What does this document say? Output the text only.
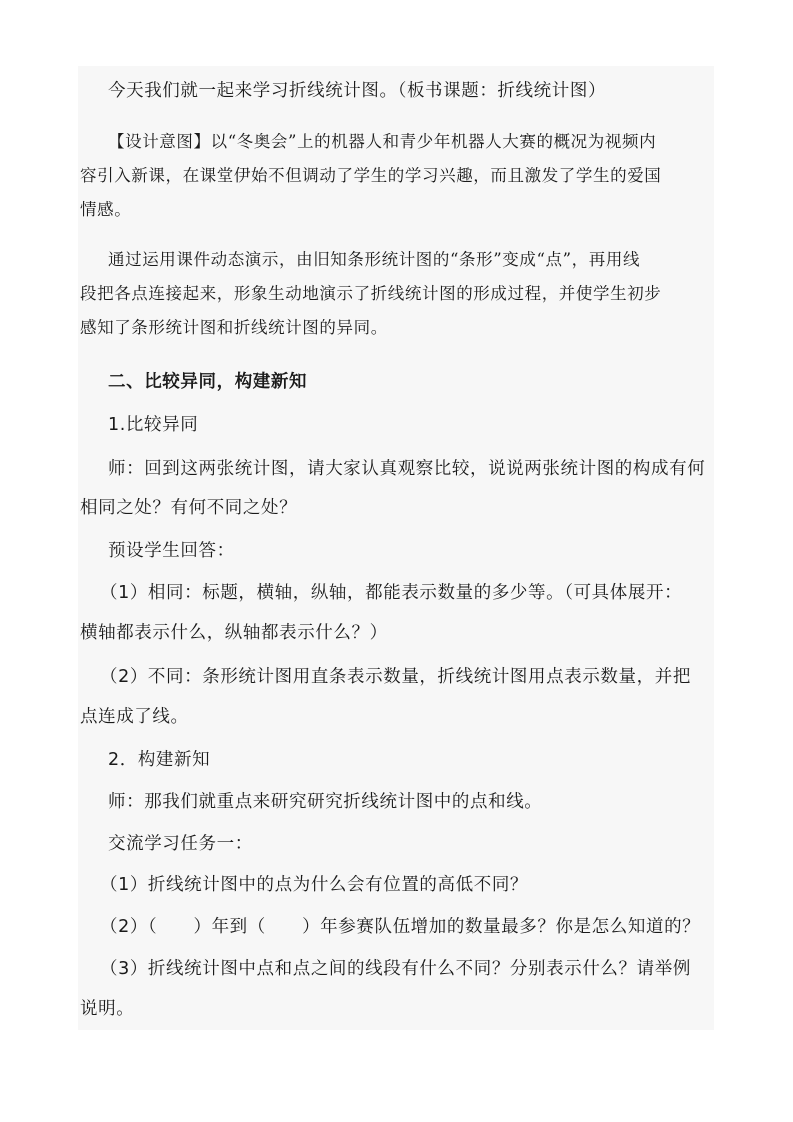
今天我们就一起来学习折线统计图。（板书课题：折线统计图）
【设计意图】以“冬奥会”上的机器人和青少年机器人大赛的概况为视频内
容引入新课，在课堂伊始不但调动了学生的学习兴趣，而且激发了学生的爱国
情感。
通过运用课件动态演示，由旧知条形统计图的“条形”变成“点”，再用线
段把各点连接起来，形象生动地演示了折线统计图的形成过程，并使学生初步
感知了条形统计图和折线统计图的异同。
二、比较异同，构建新知
1.比较异同
师：回到这两张统计图，请大家认真观察比较，说说两张统计图的构成有何
相同之处？有何不同之处？
预设学生回答：
（1）相同：标题，横轴，纵轴，都能表示数量的多少等。（可具体展开：
横轴都表示什么，纵轴都表示什么？）
（2）不同：条形统计图用直条表示数量，折线统计图用点表示数量，并把
点连成了线。
2．构建新知
师：那我们就重点来研究研究折线统计图中的点和线。
交流学习任务一：
（1）折线统计图中的点为什么会有位置的高低不同？
（2）（　　）年到（　　）年参赛队伍增加的数量最多？你是怎么知道的？
（3）折线统计图中点和点之间的线段有什么不同？分别表示什么？请举例
说明。
